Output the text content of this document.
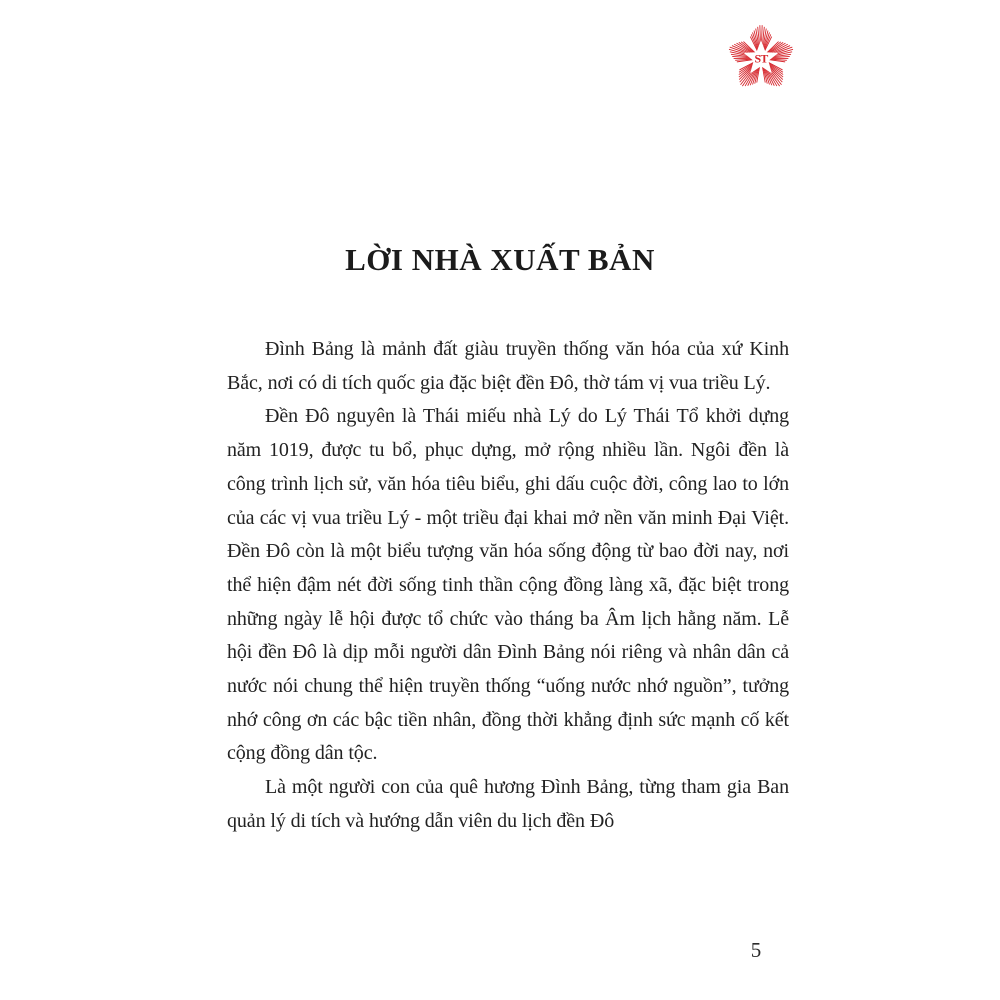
ST
LỜI NHÀ XUẤT BẢN

Đình Bảng là mảnh đất giàu truyền thống văn hóa của xứ Kinh Bắc, nơi có di tích quốc gia đặc biệt đền Đô, thờ tám vị vua triều Lý.

Đền Đô nguyên là Thái miếu nhà Lý do Lý Thái Tổ khởi dựng năm 1019, được tu bổ, phục dựng, mở rộng nhiều lần. Ngôi đền là công trình lịch sử, văn hóa tiêu biểu, ghi dấu cuộc đời, công lao to lớn của các vị vua triều Lý - một triều đại khai mở nền văn minh Đại Việt. Đền Đô còn là một biểu tượng văn hóa sống động từ bao đời nay, nơi thể hiện đậm nét đời sống tinh thần cộng đồng làng xã, đặc biệt trong những ngày lễ hội được tổ chức vào tháng ba Âm lịch hằng năm. Lễ hội đền Đô là dịp mỗi người dân Đình Bảng nói riêng và nhân dân cả nước nói chung thể hiện truyền thống “uống nước nhớ nguồn”, tưởng nhớ công ơn các bậc tiền nhân, đồng thời khẳng định sức mạnh cố kết cộng đồng dân tộc.

Là một người con của quê hương Đình Bảng, từng tham gia Ban quản lý di tích và hướng dẫn viên du lịch đền Đô

5
